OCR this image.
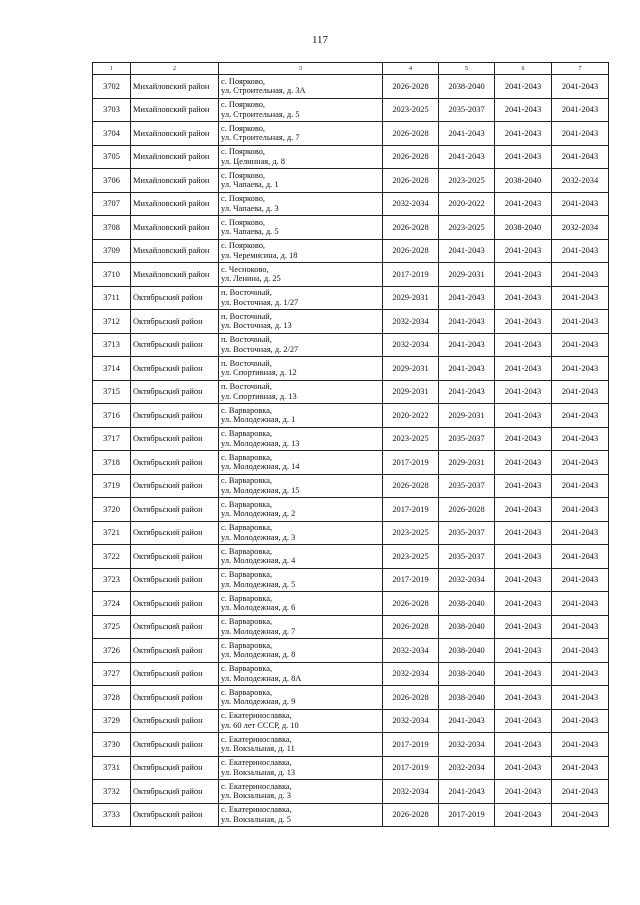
117
1	2	3	4	5	6	7
3702	Михайловский район	с. Поярково,
ул. Строительная, д. 3А	2026-2028	2038-2040	2041-2043	2041-2043
3703	Михайловский район	с. Поярково,
ул. Строительная, д. 5	2023-2025	2035-2037	2041-2043	2041-2043
3704	Михайловский район	с. Поярково,
ул. Строительная, д. 7	2026-2028	2041-2043	2041-2043	2041-2043
3705	Михайловский район	с. Поярково,
ул. Целинная, д. 8	2026-2028	2041-2043	2041-2043	2041-2043
3706	Михайловский район	с. Поярково,
ул. Чапаева, д. 1	2026-2028	2023-2025	2038-2040	2032-2034
3707	Михайловский район	с. Поярково,
ул. Чапаева, д. 3	2032-2034	2020-2022	2041-2043	2041-2043
3708	Михайловский район	с. Поярково,
ул. Чапаева, д. 5	2026-2028	2023-2025	2038-2040	2032-2034
3709	Михайловский район	с. Поярково,
ул. Черемисина, д. 18	2026-2028	2041-2043	2041-2043	2041-2043
3710	Михайловский район	с. Чесноково,
ул. Ленина, д. 25	2017-2019	2029-2031	2041-2043	2041-2043
3711	Октябрьский район	п. Восточный,
ул. Восточная, д. 1/27	2029-2031	2041-2043	2041-2043	2041-2043
3712	Октябрьский район	п. Восточный,
ул. Восточная, д. 13	2032-2034	2041-2043	2041-2043	2041-2043
3713	Октябрьский район	п. Восточный,
ул. Восточная, д. 2/27	2032-2034	2041-2043	2041-2043	2041-2043
3714	Октябрьский район	п. Восточный,
ул. Спортивная, д. 12	2029-2031	2041-2043	2041-2043	2041-2043
3715	Октябрьский район	п. Восточный,
ул. Спортивная, д. 13	2029-2031	2041-2043	2041-2043	2041-2043
3716	Октябрьский район	с. Варваровка,
ул. Молодежная, д. 1	2020-2022	2029-2031	2041-2043	2041-2043
3717	Октябрьский район	с. Варваровка,
ул. Молодежная, д. 13	2023-2025	2035-2037	2041-2043	2041-2043
3718	Октябрьский район	с. Варваровка,
ул. Молодежная, д. 14	2017-2019	2029-2031	2041-2043	2041-2043
3719	Октябрьский район	с. Варваровка,
ул. Молодежная, д. 15	2026-2028	2035-2037	2041-2043	2041-2043
3720	Октябрьский район	с. Варваровка,
ул. Молодежная, д. 2	2017-2019	2026-2028	2041-2043	2041-2043
3721	Октябрьский район	с. Варваровка,
ул. Молодежная, д. 3	2023-2025	2035-2037	2041-2043	2041-2043
3722	Октябрьский район	с. Варваровка,
ул. Молодежная, д. 4	2023-2025	2035-2037	2041-2043	2041-2043
3723	Октябрьский район	с. Варваровка,
ул. Молодежная, д. 5	2017-2019	2032-2034	2041-2043	2041-2043
3724	Октябрьский район	с. Варваровка,
ул. Молодежная, д. 6	2026-2028	2038-2040	2041-2043	2041-2043
3725	Октябрьский район	с. Варваровка,
ул. Молодежная, д. 7	2026-2028	2038-2040	2041-2043	2041-2043
3726	Октябрьский район	с. Варваровка,
ул. Молодежная, д. 8	2032-2034	2038-2040	2041-2043	2041-2043
3727	Октябрьский район	с. Варваровка,
ул. Молодежная, д. 8А	2032-2034	2038-2040	2041-2043	2041-2043
3728	Октябрьский район	с. Варваровка,
ул. Молодежная, д. 9	2026-2028	2038-2040	2041-2043	2041-2043
3729	Октябрьский район	с. Екатеринославка,
ул. 60 лет СССР, д. 10	2032-2034	2041-2043	2041-2043	2041-2043
3730	Октябрьский район	с. Екатеринославка,
ул. Вокзальная, д. 11	2017-2019	2032-2034	2041-2043	2041-2043
3731	Октябрьский район	с. Екатеринославка,
ул. Вокзальная, д. 13	2017-2019	2032-2034	2041-2043	2041-2043
3732	Октябрьский район	с. Екатеринославка,
ул. Вокзальная, д. 3	2032-2034	2041-2043	2041-2043	2041-2043
3733	Октябрьский район	с. Екатеринославка,
ул. Вокзальная, д. 5	2026-2028	2017-2019	2041-2043	2041-2043
